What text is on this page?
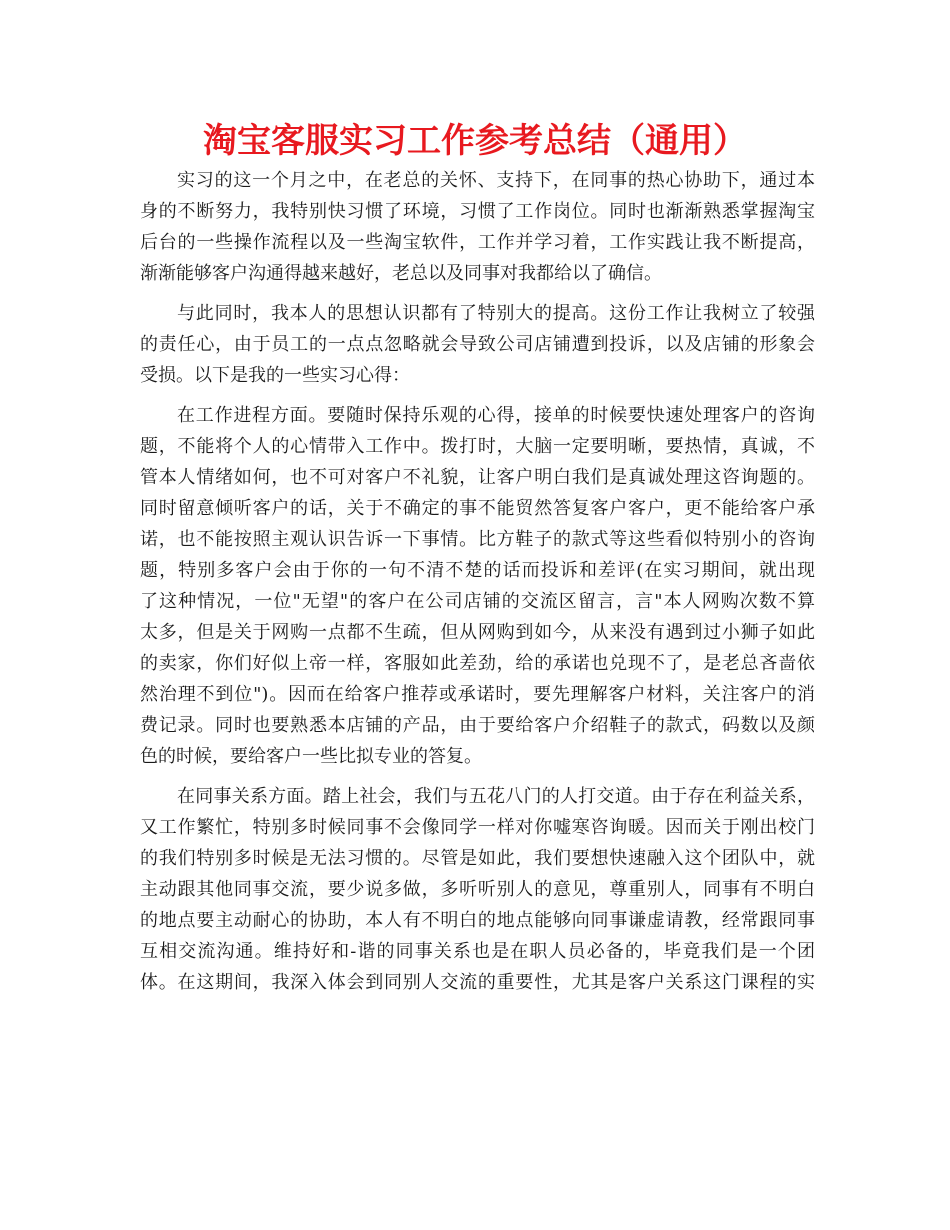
淘宝客服实习工作参考总结（通用）
实习的这一个月之中，在老总的关怀、支持下，在同事的热心协助下，通过本
身的不断努力，我特别快习惯了环境，习惯了工作岗位。同时也渐渐熟悉掌握淘宝
后台的一些操作流程以及一些淘宝软件，工作并学习着，工作实践让我不断提高，
渐渐能够客户沟通得越来越好，老总以及同事对我都给以了确信。
与此同时，我本人的思想认识都有了特别大的提高。这份工作让我树立了较强
的责任心，由于员工的一点点忽略就会导致公司店铺遭到投诉，以及店铺的形象会
受损。以下是我的一些实习心得：
在工作进程方面。要随时保持乐观的心得，接单的时候要快速处理客户的咨询
题，不能将个人的心情带入工作中。拨打时，大脑一定要明晰，要热情，真诚，不
管本人情绪如何，也不可对客户不礼貌，让客户明白我们是真诚处理这咨询题的。
同时留意倾听客户的话，关于不确定的事不能贸然答复客户客户，更不能给客户承
诺，也不能按照主观认识告诉一下事情。比方鞋子的款式等这些看似特别小的咨询
题，特别多客户会由于你的一句不清不楚的话而投诉和差评(在实习期间，就出现
了这种情况，一位"无望"的客户在公司店铺的交流区留言，言"本人网购次数不算
太多，但是关于网购一点都不生疏，但从网购到如今，从来没有遇到过小狮子如此
的卖家，你们好似上帝一样，客服如此差劲，给的承诺也兑现不了，是老总吝啬依
然治理不到位")。因而在给客户推荐或承诺时，要先理解客户材料，关注客户的消
费记录。同时也要熟悉本店铺的产品，由于要给客户介绍鞋子的款式，码数以及颜
色的时候，要给客户一些比拟专业的答复。
在同事关系方面。踏上社会，我们与五花八门的人打交道。由于存在利益关系，
又工作繁忙，特别多时候同事不会像同学一样对你嘘寒咨询暖。因而关于刚出校门
的我们特别多时候是无法习惯的。尽管是如此，我们要想快速融入这个团队中，就
主动跟其他同事交流，要少说多做，多听听别人的意见，尊重别人，同事有不明白
的地点要主动耐心的协助，本人有不明白的地点能够向同事谦虚请教，经常跟同事
互相交流沟通。维持好和-谐的同事关系也是在职人员必备的，毕竟我们是一个团
体。在这期间，我深入体会到同别人交流的重要性，尤其是客户关系这门课程的实
